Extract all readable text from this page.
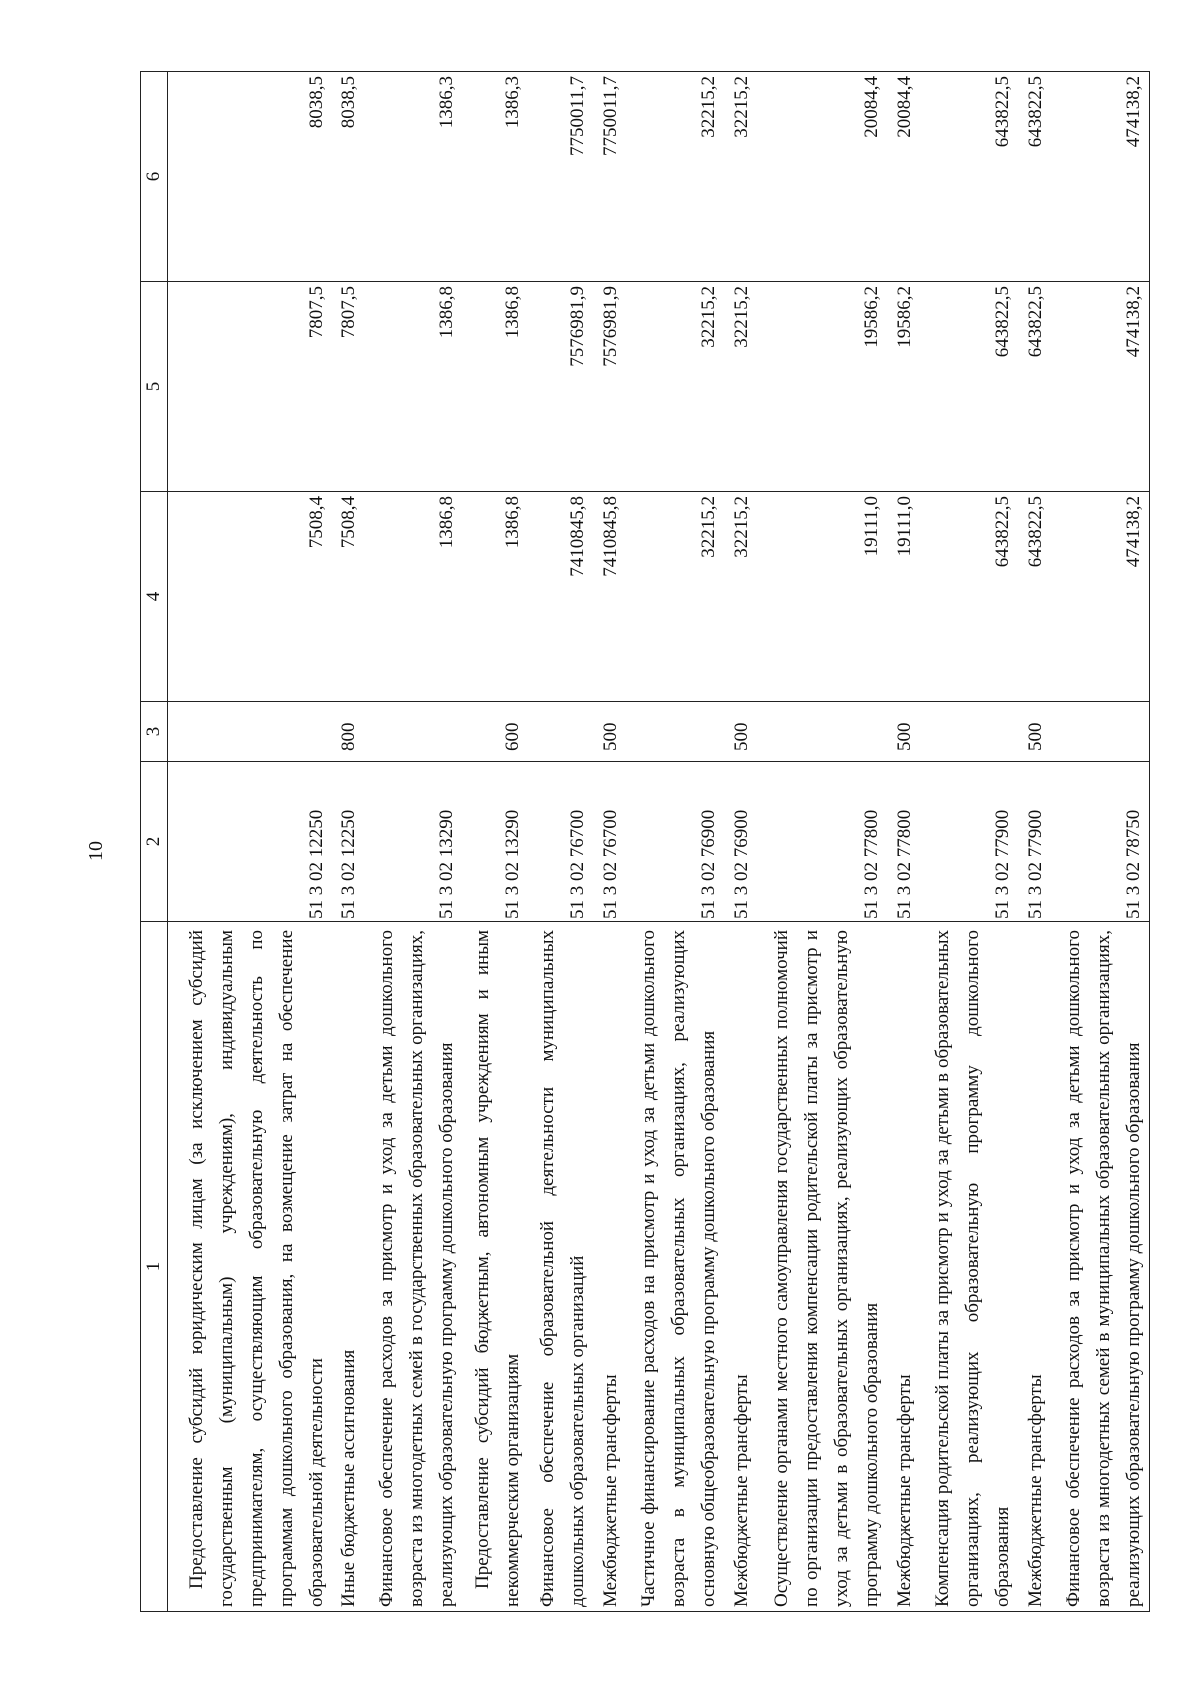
10
1	2	3	4	5	6
Предоставление субсидий юридическим лицам (за исключением субсидий государственным (муниципальным) учреждениям), индивидуальным предпринимателям, осуществляющим образовательную деятельность по программам дошкольного образования, на возмещение затрат на обеспечение образовательной деятельности	51 3 02 12250		7508,4	7807,5	8038,5
Иные бюджетные ассигнования	51 3 02 12250	800	7508,4	7807,5	8038,5
Финансовое обеспечение расходов за присмотр и уход за детьми дошкольного возраста из многодетных семей в государственных образовательных организациях, реализующих образовательную программу дошкольного образования	51 3 02 13290		1386,8	1386,8	1386,3
Предоставление субсидий бюджетным, автономным учреждениям и иным некоммерческим организациям	51 3 02 13290	600	1386,8	1386,8	1386,3
Финансовое обеспечение образовательной деятельности муниципальных дошкольных образовательных организаций	51 3 02 76700		7410845,8	7576981,9	7750011,7
Межбюджетные трансферты	51 3 02 76700	500	7410845,8	7576981,9	7750011,7
Частичное финансирование расходов на присмотр и уход за детьми дошкольного возраста в муниципальных образовательных организациях, реализующих основную общеобразовательную программу дошкольного образования	51 3 02 76900		32215,2	32215,2	32215,2
Межбюджетные трансферты	51 3 02 76900	500	32215,2	32215,2	32215,2
Осуществление органами местного самоуправления государственных полномочий по организации предоставления компенсации родительской платы за присмотр и уход за детьми в образовательных организациях, реализующих образовательную программу дошкольного образования	51 3 02 77800		19111,0	19586,2	20084,4
Межбюджетные трансферты	51 3 02 77800	500	19111,0	19586,2	20084,4
Компенсация родительской платы за присмотр и уход за детьми в образовательных организациях, реализующих образовательную программу дошкольного образования	51 3 02 77900		643822,5	643822,5	643822,5
Межбюджетные трансферты	51 3 02 77900	500	643822,5	643822,5	643822,5
Финансовое обеспечение расходов за присмотр и уход за детьми дошкольного возраста из многодетных семей в муниципальных образовательных организациях, реализующих образовательную программу дошкольного образования	51 3 02 78750		474138,2	474138,2	474138,2
